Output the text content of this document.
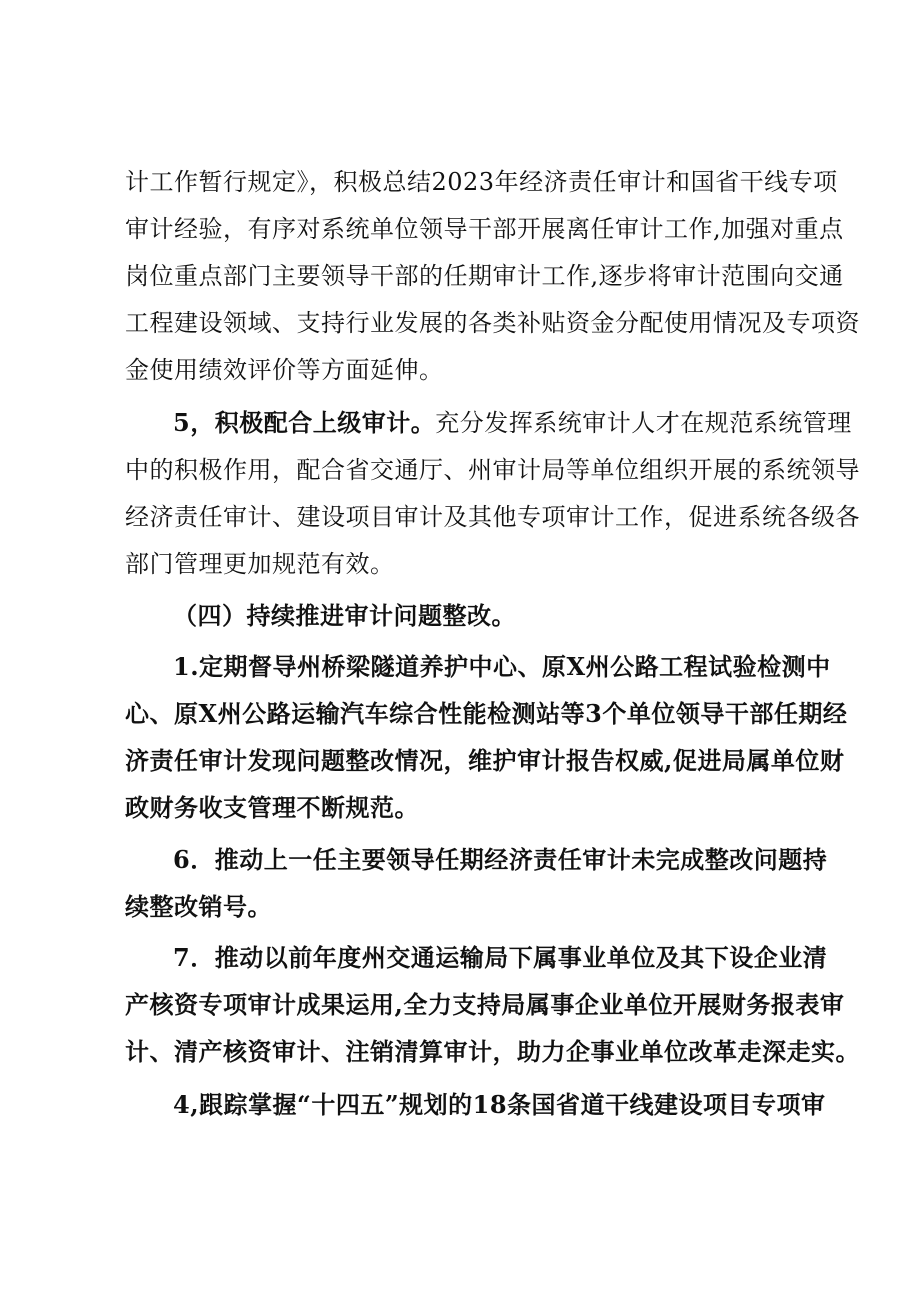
计工作暂行规定》，积极总结2023年经济责任审计和国省干线专项
审计经验，有序对系统单位领导干部开展离任审计工作,加强对重点
岗位重点部门主要领导干部的任期审计工作,逐步将审计范围向交通
工程建设领域、支持行业发展的各类补贴资金分配使用情况及专项资
金使用绩效评价等方面延伸。
5，积极配合上级审计。充分发挥系统审计人才在规范系统管理
中的积极作用，配合省交通厅、州审计局等单位组织开展的系统领导
经济责任审计、建设项目审计及其他专项审计工作，促进系统各级各
部门管理更加规范有效。
（四）持续推进审计问题整改。
1.定期督导州桥梁隧道养护中心、原X州公路工程试验检测中
心、原X州公路运输汽车综合性能检测站等3个单位领导干部任期经
济责任审计发现问题整改情况，维护审计报告权威,促进局属单位财
政财务收支管理不断规范。
6．推动上一任主要领导任期经济责任审计未完成整改问题持
续整改销号。
7．推动以前年度州交通运输局下属事业单位及其下设企业清
产核资专项审计成果运用,全力支持局属事企业单位开展财务报表审
计、清产核资审计、注销清算审计，助力企事业单位改革走深走实。
4,跟踪掌握“十四五”规划的18条国省道干线建设项目专项审
